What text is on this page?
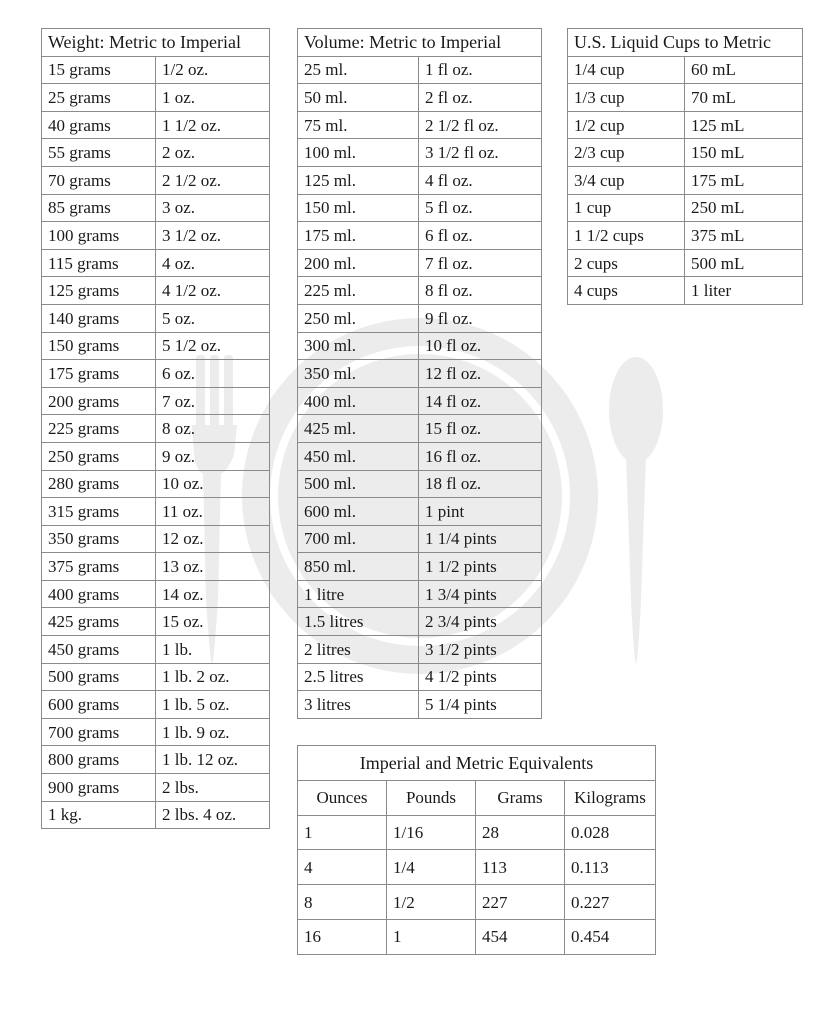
Weight: Metric to Imperial	
15 grams	1/2 oz.
25 grams	1 oz.
40 grams	1 1/2 oz.
55 grams	2 oz.
70 grams	2 1/2 oz.
85 grams	3 oz.
100 grams	3 1/2 oz.
115 grams	4 oz.
125 grams	4 1/2 oz.
140 grams	5 oz.
150 grams	5 1/2 oz.
175 grams	6 oz.
200 grams	7 oz.
225 grams	8 oz.
250 grams	9 oz.
280 grams	10 oz.
315 grams	11 oz.
350 grams	12 oz.
375 grams	13 oz.
400 grams	14 oz.
425 grams	15 oz.
450 grams	1 lb.
500 grams	1 lb. 2 oz.
600 grams	1 lb. 5 oz.
700 grams	1 lb. 9 oz.
800 grams	1 lb. 12 oz.
900 grams	2 lbs.
1 kg.	2 lbs. 4 oz.
Volume: Metric to Imperial	
25 ml.	1 fl oz.
50 ml.	2 fl oz.
75 ml.	2 1/2 fl oz.
100 ml.	3 1/2 fl oz.
125 ml.	4 fl oz.
150 ml.	5 fl oz.
175 ml.	6 fl oz.
200 ml.	7 fl oz.
225 ml.	8 fl oz.
250 ml.	9 fl oz.
300 ml.	10 fl oz.
350 ml.	12 fl oz.
400 ml.	14 fl oz.
425 ml.	15 fl oz.
450 ml.	16 fl oz.
500 ml.	18 fl oz.
600 ml.	1 pint
700 ml.	1 1/4 pints
850 ml.	1 1/2 pints
1 litre	1 3/4 pints
1.5 litres	2 3/4 pints
2 litres	3 1/2 pints
2.5 litres	4 1/2 pints
3 litres	5 1/4 pints
U.S. Liquid Cups to Metric	
1/4 cup	60 mL
1/3 cup	70 mL
1/2 cup	125 mL
2/3 cup	150 mL
3/4 cup	175 mL
1 cup	250 mL
1 1/2 cups	375 mL
2 cups	500 mL
4 cups	1 liter
Imperial and Metric Equivalents			
Ounces	Pounds	Grams	Kilograms
1	1/16	28	0.028
4	1/4	113	0.113
8	1/2	227	0.227
16	1	454	0.454
